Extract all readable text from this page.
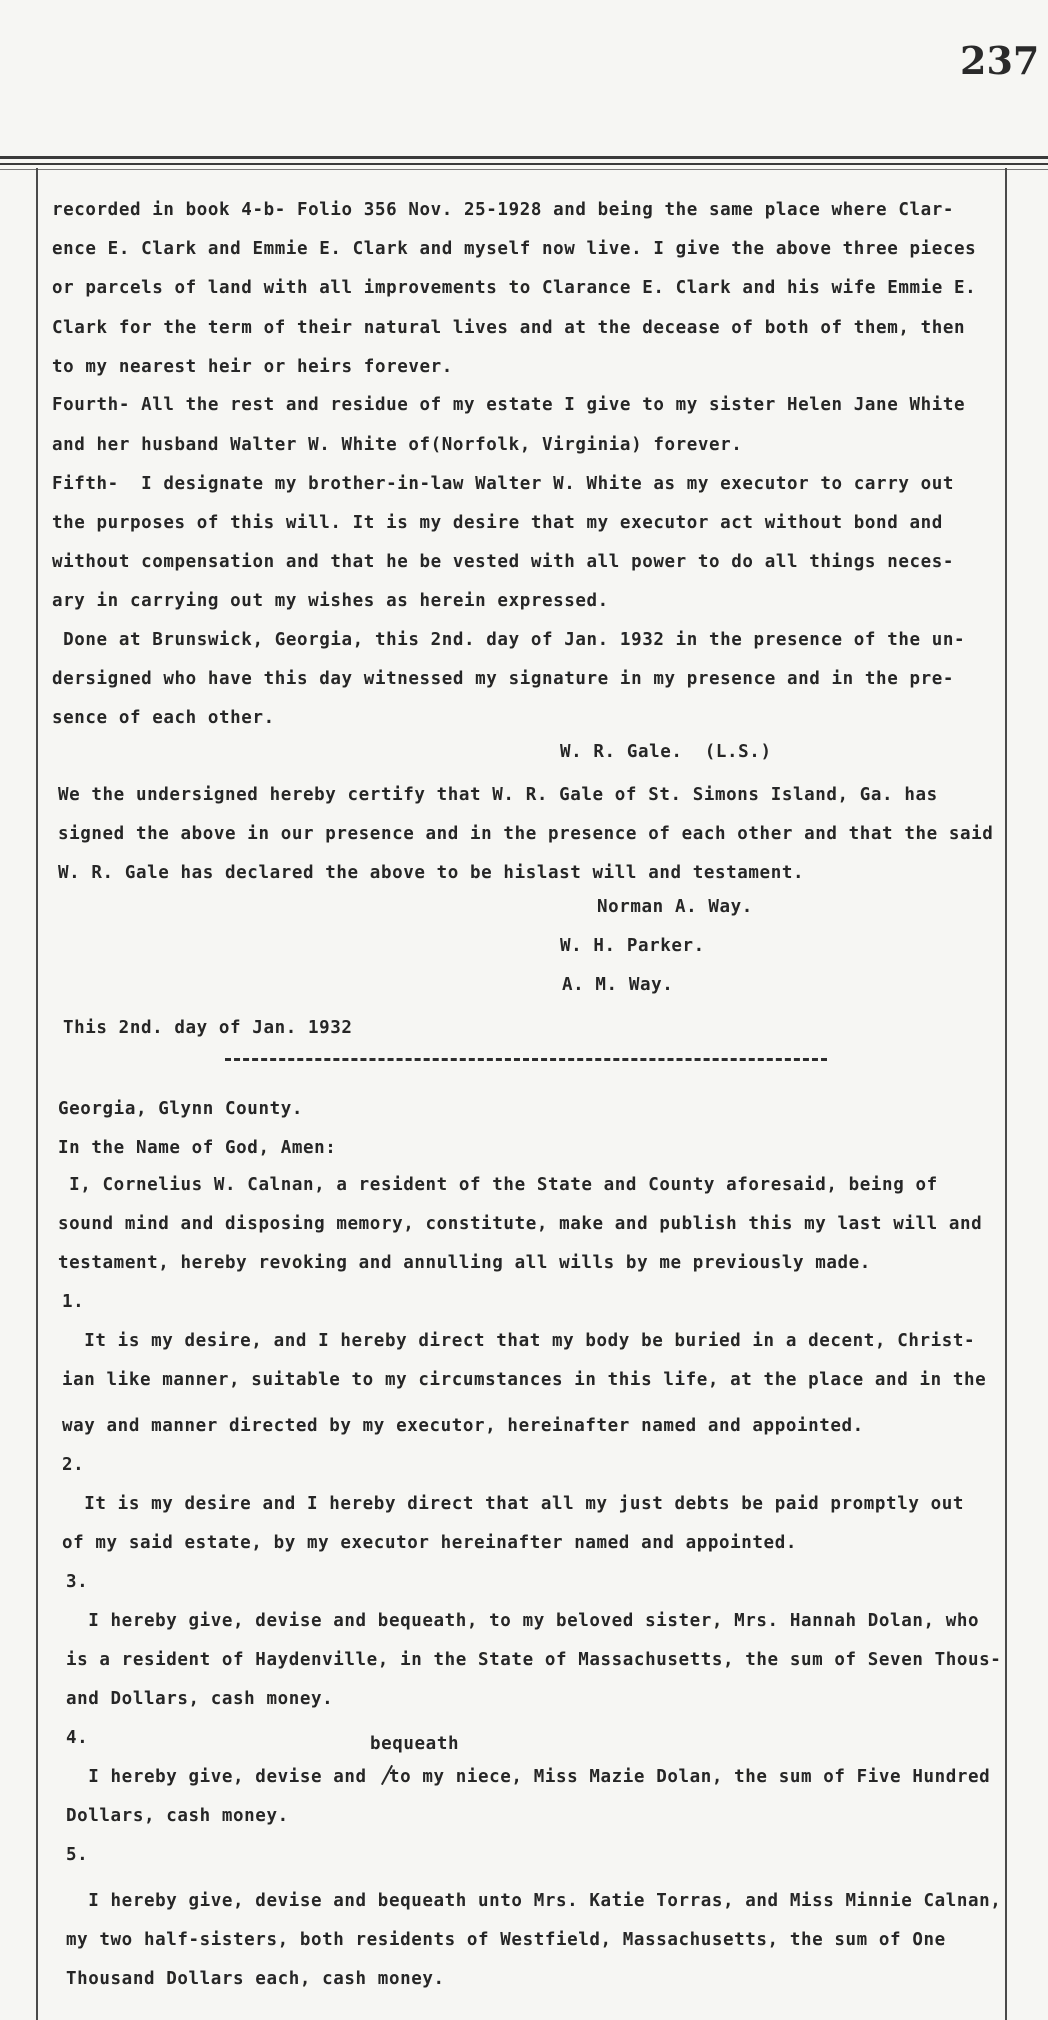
237
recorded in book 4-b- Folio 356 Nov. 25-1928 and being the same place where Clar-
ence E. Clark and Emmie E. Clark and myself now live. I give the above three pieces
or parcels of land with all improvements to Clarance E. Clark and his wife Emmie E.
Clark for the term of their natural lives and at the decease of both of them, then
to my nearest heir or heirs forever.
Fourth- All the rest and residue of my estate I give to my sister Helen Jane White
and her husband Walter W. White of(Norfolk, Virginia) forever.
Fifth-  I designate my brother-in-law Walter W. White as my executor to carry out
the purposes of this will. It is my desire that my executor act without bond and
without compensation and that he be vested with all power to do all things neces-
ary in carrying out my wishes as herein expressed.
Done at Brunswick, Georgia, this 2nd. day of Jan. 1932 in the presence of the un-
dersigned who have this day witnessed my signature in my presence and in the pre-
sence of each other.
W. R. Gale.  (L.S.)
We the undersigned hereby certify that W. R. Gale of St. Simons Island, Ga. has
signed the above in our presence and in the presence of each other and that the said
W. R. Gale has declared the above to be hislast will and testament.
Norman A. Way.
W. H. Parker.
A. M. Way.
This 2nd. day of Jan. 1932
Georgia, Glynn County.
In the Name of God, Amen:
I, Cornelius W. Calnan, a resident of the State and County aforesaid, being of
sound mind and disposing memory, constitute, make and publish this my last will and
testament, hereby revoking and annulling all wills by me previously made.
1.
It is my desire, and I hereby direct that my body be buried in a decent, Christ-
ian like manner, suitable to my circumstances in this life, at the place and in the
way and manner directed by my executor, hereinafter named and appointed.
2.
It is my desire and I hereby direct that all my just debts be paid promptly out
of my said estate, by my executor hereinafter named and appointed.
3.
I hereby give, devise and bequeath, to my beloved sister, Mrs. Hannah Dolan, who
is a resident of Haydenville, in the State of Massachusetts, the sum of Seven Thous-
and Dollars, cash money.
4.	bequeath
I hereby give, devise and  to my niece, Miss Mazie Dolan, the sum of Five Hundred
Dollars, cash money.
5.
I hereby give, devise and bequeath unto Mrs. Katie Torras, and Miss Minnie Calnan,
my two half-sisters, both residents of Westfield, Massachusetts, the sum of One
Thousand Dollars each, cash money.
